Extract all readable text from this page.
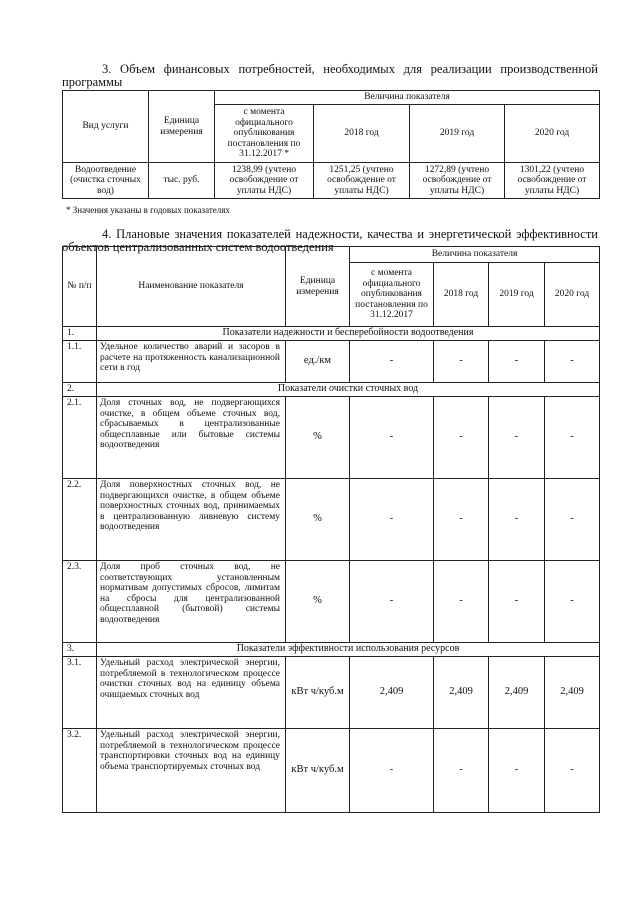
3. Объем финансовых потребностей, необходимых для реализации производственной программы
Вид услуги	Единица измерения	Величина показателя			
		с момента официального опубликования постановления по 31.12.2017 *	2018 год	2019 год	2020 год
Водоотведение (очистка сточных вод)	тыс. руб.	1238,99 (учтено освобождение от уплаты НДС)	1251,25 (учтено освобождение от уплаты НДС)	1272,89 (учтено освобождение от уплаты НДС)	1301,22 (учтено освобождение от уплаты НДС)
* Значения указаны в годовых показателях
4. Плановые значения показателей надежности, качества и энергетической эффективности объектов централизованных систем водоотведения
№ п/п	Наименование показателя	Единица измерения	Величина показателя			
			с момента официального опубликования постановления по 31.12.2017	2018 год	2019 год	2020 год
1.	Показатели надежности и бесперебойности водоотведения					
1.1.	Удельное количество аварий и засоров в расчете на протяженность канализационной сети в год	ед./км	-	-	-	-
2.	Показатели очистки сточных вод					
2.1.	Доля сточных вод, не подвергающихся очистке, в общем объеме сточных вод, сбрасываемых в централизованные общесплавные или бытовые системы водоотведения	%	-	-	-	-
2.2.	Доля поверхностных сточных вод, не подвергающихся очистке, в общем объеме поверхностных сточных вод, принимаемых в централизованную ливневую систему водоотведения	%	-	-	-	-
2.3.	Доля проб сточных вод, не соответствующих установленным нормативам допустимых сбросов, лимитам на сбросы для централизованной общесплавной (бытовой) системы водоотведения	%	-	-	-	-
3.	Показатели эффективности использования ресурсов					
3.1.	Удельный расход электрической энергии, потребляемой в технологическом процессе очистки сточных вод на единицу объема очищаемых сточных вод	кВт ч/куб.м	2,409	2,409	2,409	2,409
3.2.	Удельный расход электрической энергии, потребляемой в технологическом процессе транспортировки сточных вод на единицу объема транспортируемых сточных вод	кВт ч/куб.м	-	-	-	-
